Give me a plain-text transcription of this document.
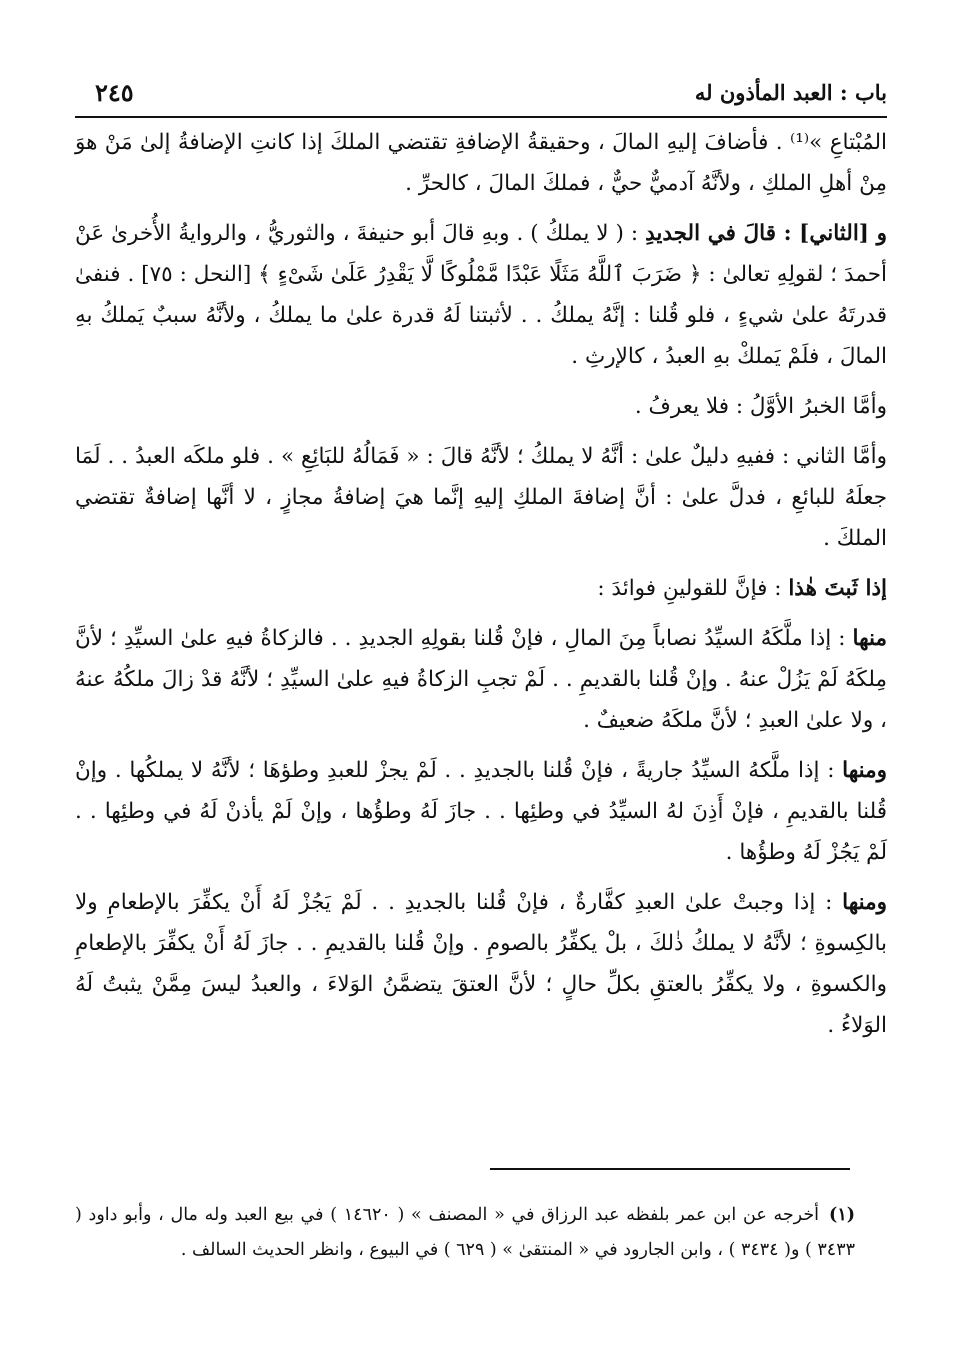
باب : العبد المأذون له
٢٤٥

المُبْتاعِ »⁽¹⁾ . فأضافَ إليهِ المالَ ، وحقيقةُ الإضافةِ تقتضي الملكَ إذا كانتِ الإضافةُ إلىٰ مَنْ هوَ مِنْ أهلِ الملكِ ، ولأنَّهُ آدميٌّ حيٌّ ، فملكَ المالَ ، كالحرِّ .

و [الثاني] : قالَ في الجديدِ : ( لا يملكُ ) . وبهِ قالَ أبو حنيفةَ ، والثوريُّ ، والروايةُ الأُخرىٰ عَنْ أحمدَ ؛ لقولِهِ تعالىٰ : ﴿ ضَرَبَ ٱللَّهُ مَثَلًا عَبْدًا مَّمْلُوكًا لَّا يَقْدِرُ عَلَىٰ شَىْءٍ ﴾ [النحل : ٧٥] . فنفىٰ قدرتَهُ علىٰ شيءٍ ، فلو قُلنا : إنَّهُ يملكُ . . لأثبتنا لَهُ قدرة علىٰ ما يملكُ ، ولأنَّهُ سببٌ يَملكُ بهِ المالَ ، فلَمْ يَملكْ بهِ العبدُ ، كالإرثِ .

وأمَّا الخبرُ الأوَّلُ : فلا يعرفُ .

وأمَّا الثاني : ففيهِ دليلٌ علىٰ : أنَّهُ لا يملكُ ؛ لأنَّهُ قالَ : « فَمَالُهُ للبَائِعِ » . فلو ملكَه العبدُ . . لَمَا جعلَهُ للبائعِ ، فدلَّ علىٰ : أنَّ إضافةَ الملكِ إليهِ إنَّما هيَ إضافةُ مجازٍ ، لا أنَّها إضافةٌ تقتضي الملكَ .

إذا ثَبتَ هٰذا : فإنَّ للقولينِ فوائدَ :

منها : إذا ملَّكَهُ السيِّدُ نصاباً مِنَ المالِ ، فإنْ قُلنا بقولِهِ الجديدِ . . فالزكاةُ فيهِ علىٰ السيِّدِ ؛ لأنَّ مِلكَهُ لَمْ يَزُلْ عنهُ . وإنْ قُلنا بالقديمِ . . لَمْ تجبِ الزكاةُ فيهِ علىٰ السيِّدِ ؛ لأنَّهُ قدْ زالَ ملكُهُ عنهُ ، ولا علىٰ العبدِ ؛ لأنَّ ملكَهُ ضعيفٌ .

ومنها : إذا ملَّكهُ السيِّدُ جاريةً ، فإنْ قُلنا بالجديدِ . . لَمْ يجزْ للعبدِ وطؤهَا ؛ لأنَّهُ لا يملكُها . وإنْ قُلنا بالقديمِ ، فإنْ أَذِنَ لهُ السيِّدُ في وطئِها . . جازَ لَهُ وطؤُها ، وإنْ لَمْ يأذنْ لَهُ في وطئِها . . لَمْ يَجُزْ لَهُ وطؤُها .

ومنها : إذا وجبتْ علىٰ العبدِ كفَّارةٌ ، فإنْ قُلنا بالجديدِ . . لَمْ يَجُزْ لَهُ أَنْ يكفِّرَ بالإطعامِ ولا بالكِسوةِ ؛ لأنَّهُ لا يملكُ ذٰلكَ ، بلْ يكفِّرُ بالصومِ . وإنْ قُلنا بالقديمِ . . جازَ لَهُ أَنْ يكفِّرَ بالإطعامِ والكسوةِ ، ولا يكفِّرُ بالعتقِ بكلِّ حالٍ ؛ لأنَّ العتقَ يتضمَّنُ الوَلاءَ ، والعبدُ ليسَ مِمَّنْ يثبتُ لَهُ الوَلاءُ .

(١)أخرجه عن ابن عمر بلفظه عبد الرزاق في « المصنف » ( ١٤٦٢٠ ) في بيع العبد وله مال ، وأبو داود ( ٣٤٣٣ ) و( ٣٤٣٤ ) ، وابن الجارود في « المنتقىٰ » ( ٦٢٩ ) في البيوع ، وانظر الحديث السالف .
